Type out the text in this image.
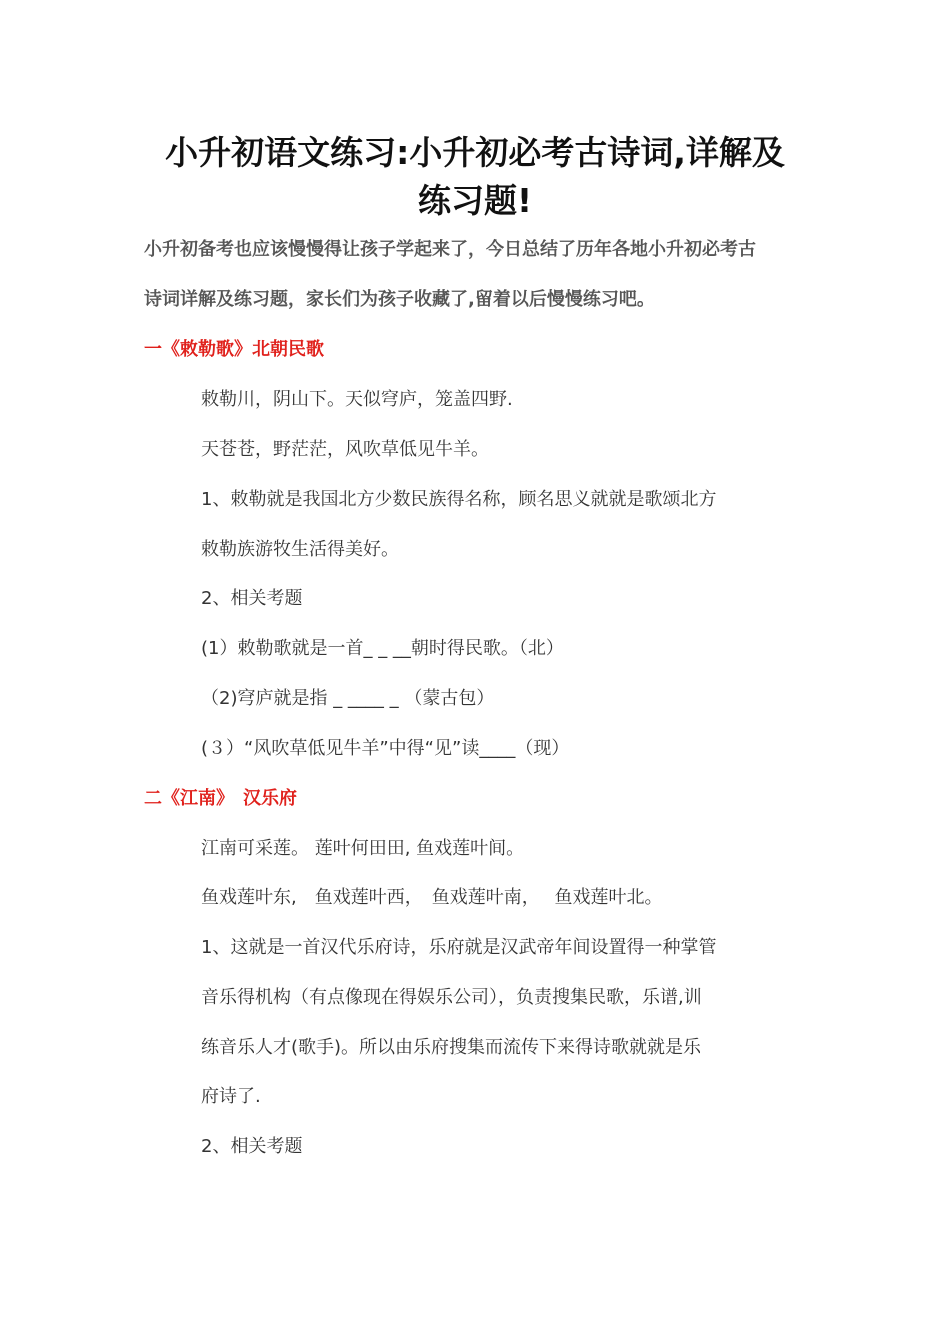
小升初语文练习:小升初必考古诗词,详解及
练习题!
小升初备考也应该慢慢得让孩子学起来了，今日总结了历年各地小升初必考古
诗词详解及练习题，家长们为孩子收藏了,留着以后慢慢练习吧。
一《敕勒歌》北朝民歌
敕勒川，阴山下。天似穹庐，笼盖四野.
天苍苍，野茫茫，风吹草低见牛羊。
1、敕勒就是我国北方少数民族得名称，顾名思义就就是歌颂北方
敕勒族游牧生活得美好。
2、相关考题
(1）敕勒歌就是一首_ _ __朝时得民歌。（北）
（2)穹庐就是指 _ ____ _ （蒙古包）
(３）“风吹草低见牛羊”中得“见”读____（现）
二《江南》　汉乐府
江南可采莲。 莲叶何田田, 鱼戏莲叶间。
鱼戏莲叶东,　鱼戏莲叶西，　鱼戏莲叶南，　 鱼戏莲叶北。
1、这就是一首汉代乐府诗，乐府就是汉武帝年间设置得一种掌管
音乐得机构（有点像现在得娱乐公司），负责搜集民歌，乐谱,训
练音乐人才(歌手)。所以由乐府搜集而流传下来得诗歌就就是乐
府诗了.
2、相关考题
